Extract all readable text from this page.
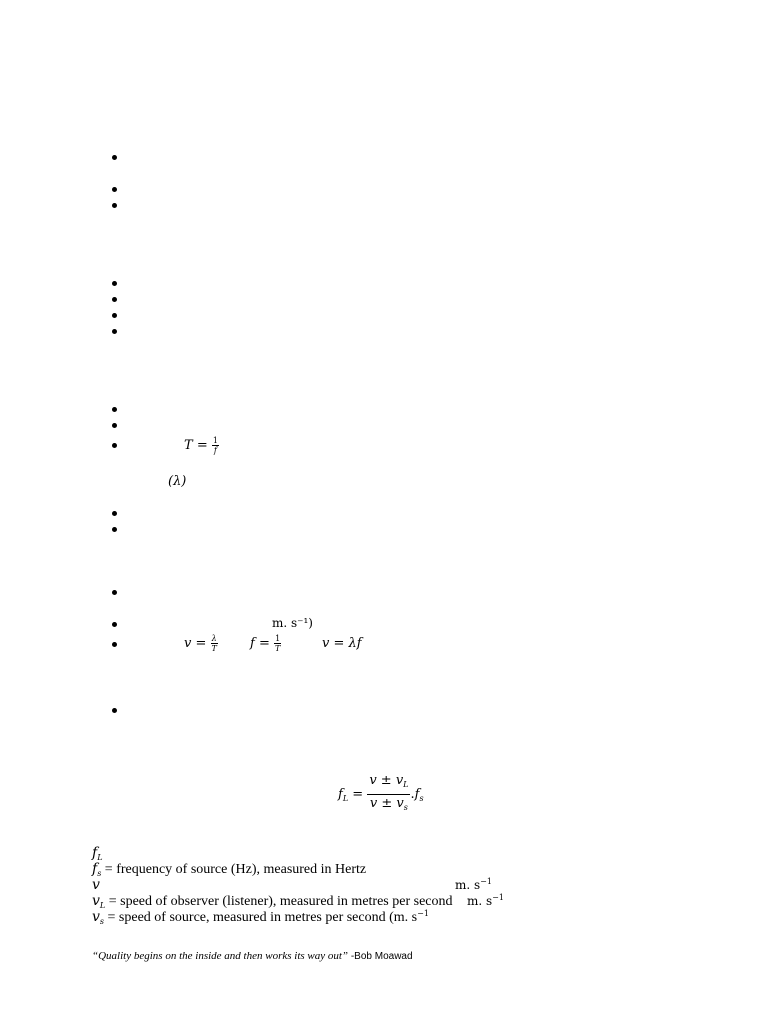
$T = \frac{1}{f}$
(λ)
m. s⁻¹)
$v = \frac{\lambda}{T}$ $f = \frac{1}{T}$	v = λf
$f_L = \frac{v \pm v_L}{v \pm v_s} .f_s$
$f_L$
$f_s$ = frequency of source (Hz), measured in Hertz
v	m. $s^{-1}$
$v_L$ = speed of observer (listener), measured in metres per second m. $s^{-1}$
$v_s$ = speed of source, measured in metres per second (m. $s^{-1}$
“Quality begins on the inside and then works its way out” -Bob Moawad
